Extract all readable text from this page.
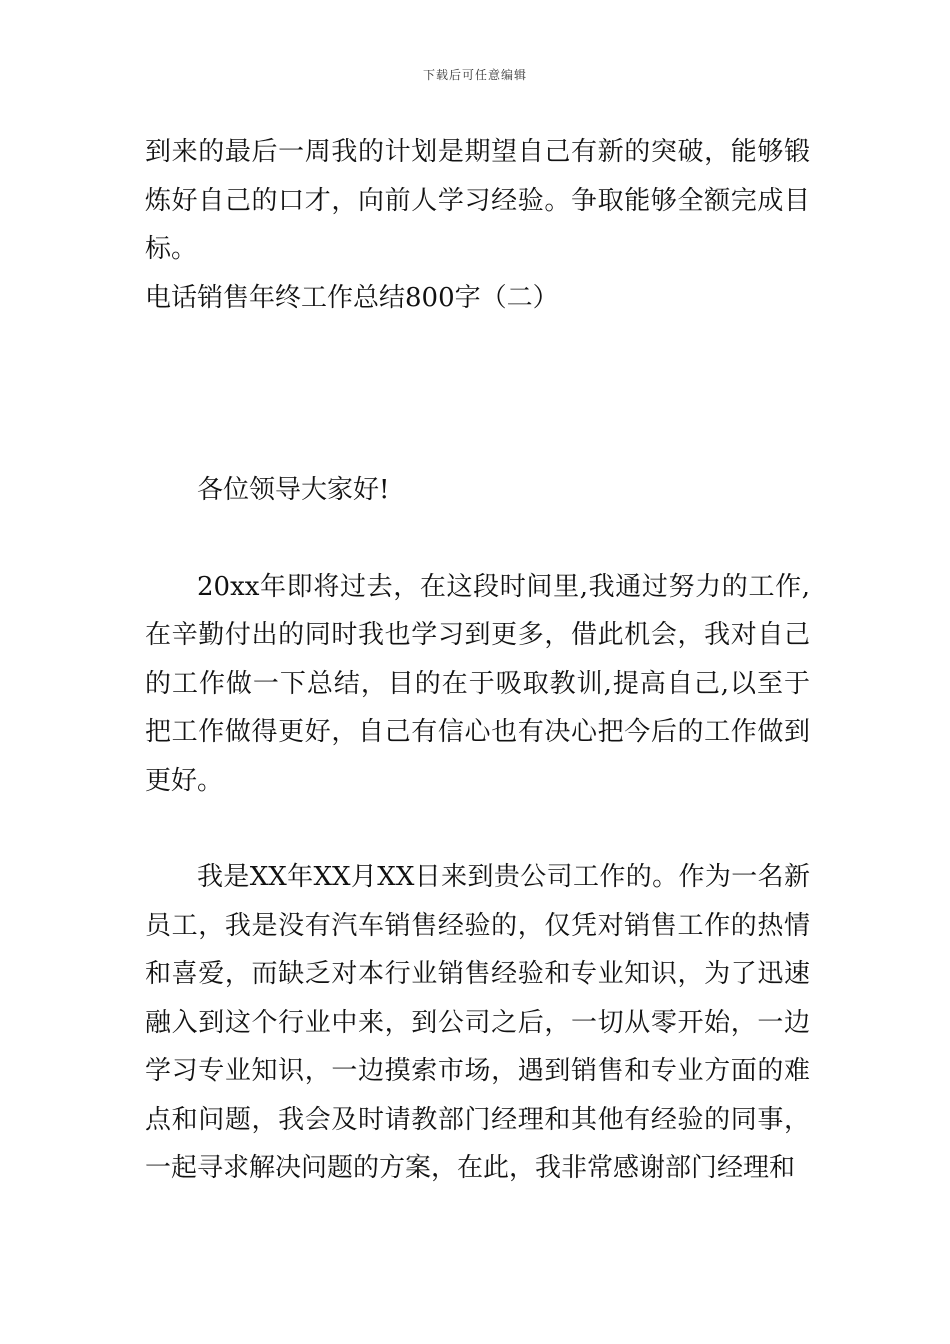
下载后可任意编辑

到来的最后一周我的计划是期望自己有新的突破，能够锻炼好自己的口才，向前人学习经验。争取能够全额完成目标。

电话销售年终工作总结800字（二）

各位领导大家好!

20xx年即将过去，在这段时间里,我通过努力的工作,在辛勤付出的同时我也学习到更多，借此机会，我对自己的工作做一下总结，目的在于吸取教训,提高自己,以至于把工作做得更好，自己有信心也有决心把今后的工作做到更好。

我是XX年XX月XX日来到贵公司工作的。作为一名新员工，我是没有汽车销售经验的，仅凭对销售工作的热情和喜爱，而缺乏对本行业销售经验和专业知识，为了迅速融入到这个行业中来，到公司之后，一切从零开始，一边学习专业知识，一边摸索市场，遇到销售和专业方面的难点和问题，我会及时请教部门经理和其他有经验的同事，一起寻求解决问题的方案，在此，我非常感谢部门经理和
